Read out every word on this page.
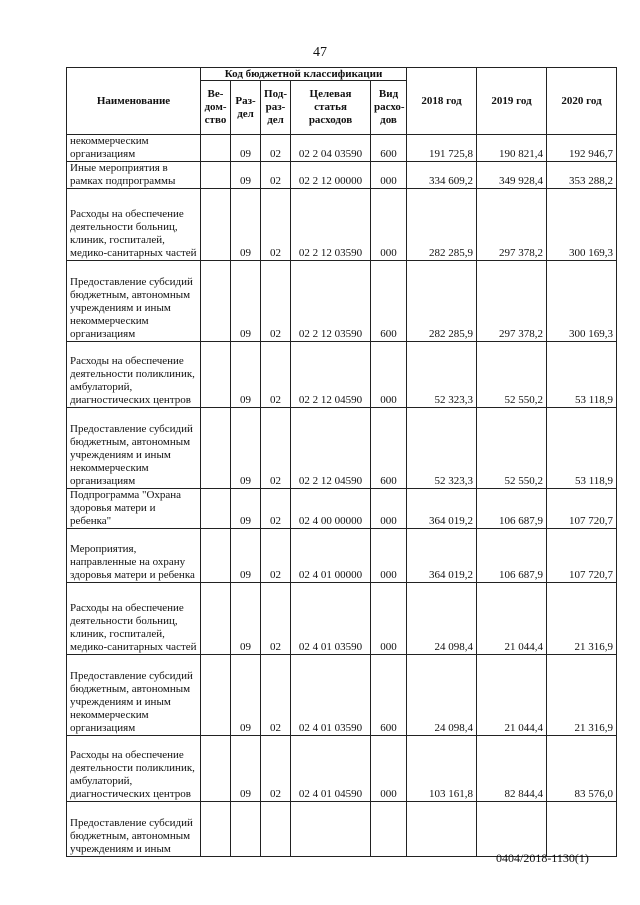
47
Наименование	Код бюджетной классификации					2018 год	2019 год	2020 год
	Ве-дом-ство	Раз-дел	Под-раз-дел	Целевая статья расходов	Вид расхо-дов			
некоммерческим организациям		09	02	02 2 04 03590	600	191 725,8	190 821,4	192 946,7
Иные мероприятия в рамках подпрограммы		09	02	02 2 12 00000	000	334 609,2	349 928,4	353 288,2
Расходы на обеспечение деятельности больниц, клиник, госпиталей, медико-санитарных частей		09	02	02 2 12 03590	000	282 285,9	297 378,2	300 169,3
Предоставление субсидий бюджетным, автономным учреждениям и иным некоммерческим организациям		09	02	02 2 12 03590	600	282 285,9	297 378,2	300 169,3
Расходы на обеспечение деятельности поликлиник, амбулаторий, диагностических центров		09	02	02 2 12 04590	000	52 323,3	52 550,2	53 118,9
Предоставление субсидий бюджетным, автономным учреждениям и иным некоммерческим организациям		09	02	02 2 12 04590	600	52 323,3	52 550,2	53 118,9
Подпрограмма "Охрана здоровья матери и ребенка"		09	02	02 4 00 00000	000	364 019,2	106 687,9	107 720,7
Мероприятия, направленные на охрану здоровья матери и ребенка		09	02	02 4 01 00000	000	364 019,2	106 687,9	107 720,7
Расходы на обеспечение деятельности больниц, клиник, госпиталей, медико-санитарных частей		09	02	02 4 01 03590	000	24 098,4	21 044,4	21 316,9
Предоставление субсидий бюджетным, автономным учреждениям и иным некоммерческим организациям		09	02	02 4 01 03590	600	24 098,4	21 044,4	21 316,9
Расходы на обеспечение деятельности поликлиник, амбулаторий, диагностических центров		09	02	02 4 01 04590	000	103 161,8	82 844,4	83 576,0
Предоставление субсидий бюджетным, автономным учреждениям и иным								
0404/2018-1130(1)
